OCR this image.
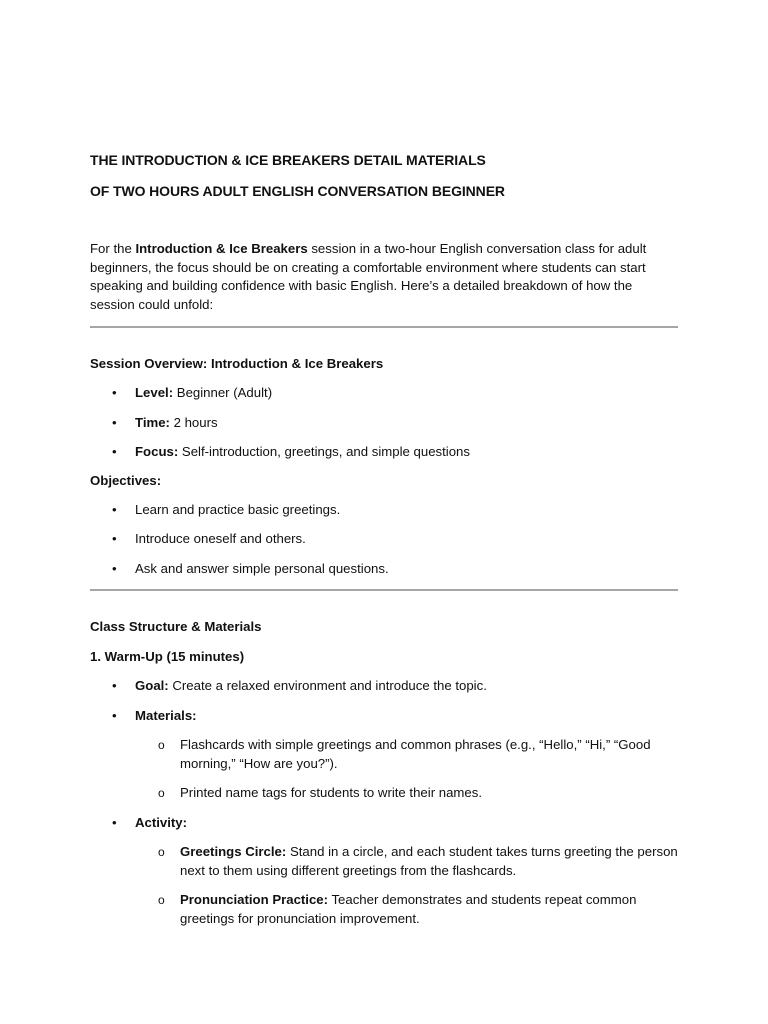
THE INTRODUCTION & ICE BREAKERS DETAIL MATERIALS

OF TWO HOURS ADULT ENGLISH CONVERSATION BEGINNER

For the Introduction & Ice Breakers session in a two-hour English conversation class for adult beginners, the focus should be on creating a comfortable environment where students can start speaking and building confidence with basic English. Here’s a detailed breakdown of how the session could unfold:

Session Overview: Introduction & Ice Breakers

• Level: Beginner (Adult)
• Time: 2 hours
• Focus: Self-introduction, greetings, and simple questions

Objectives:

• Learn and practice basic greetings.
• Introduce oneself and others.
• Ask and answer simple personal questions.

Class Structure & Materials

1. Warm-Up (15 minutes)

• Goal: Create a relaxed environment and introduce the topic.
• Materials:
o Flashcards with simple greetings and common phrases (e.g., “Hello,” “Hi,” “Good morning,” “How are you?”).
o Printed name tags for students to write their names.
• Activity:
o Greetings Circle: Stand in a circle, and each student takes turns greeting the person next to them using different greetings from the flashcards.
o Pronunciation Practice: Teacher demonstrates and students repeat common greetings for pronunciation improvement.
